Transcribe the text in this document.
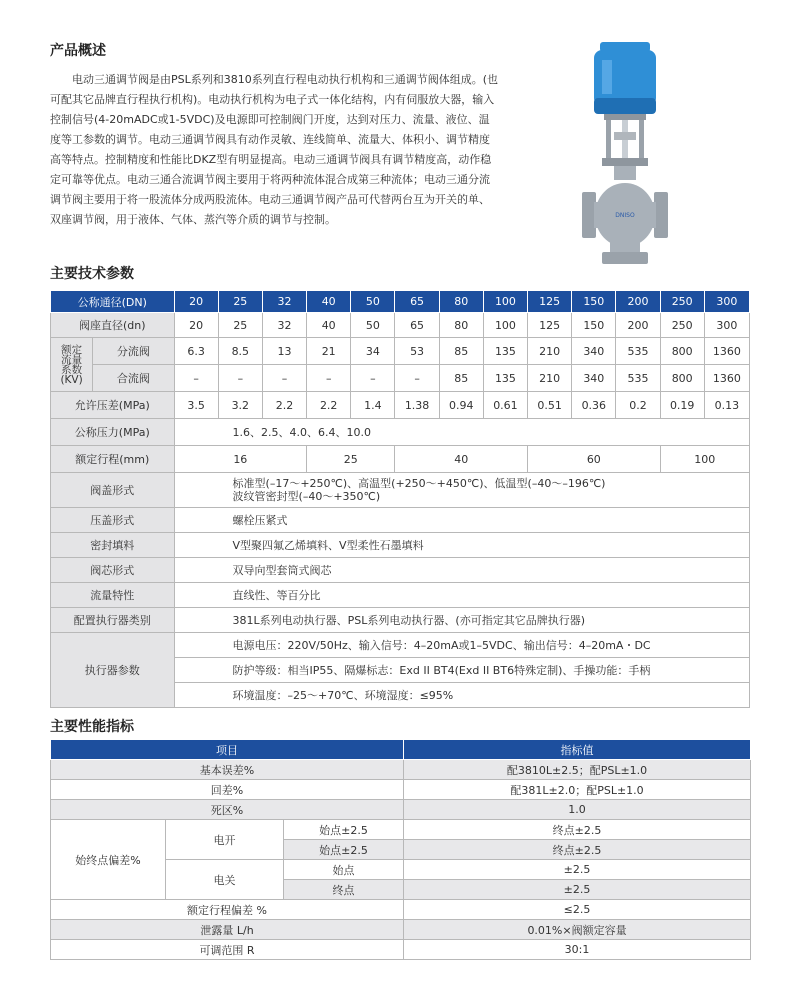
产品概述

电动三通调节阀是由PSL系列和3810系列直行程电动执行机构和三通调节阀体组成。(也可配其它品牌直行程执行机构)。电动执行机构为电子式一体化结构，内有伺服放大器，输入控制信号(4-20mADC或1-5VDC)及电源即可控制阀门开度，达到对压力、流量、液位、温度等工参数的调节。电动三通调节阀具有动作灵敏、连线简单、流量大、体积小、调节精度高等特点。控制精度和性能比DKZ型有明显提高。电动三通调节阀具有调节精度高，动作稳定可靠等优点。电动三通合流调节阀主要用于将两种流体混合成第三种流体；电动三通分流调节阀主要用于将一股流体分成两股流体。电动三通调节阀产品可代替两台互为开关的单、双座调节阀，用于液体、气体、蒸汽等介质的调节与控制。	DNISO
主要技术参数
公称通径(DN)		20	25	32	40	50	65	80	100	125	150	200	250	300
阀座直径(dn)		20	25	32	40	50	65	80	100	125	150	200	250	300
额定
流量
系数
(KV)	分流阀	6.3	8.5	13	21	34	53	85	135	210	340	535	800	1360
	合流阀	–	–	–	–	–	–	85	135	210	340	535	800	1360
允许压差(MPa)		3.5	3.2	2.2	2.2	1.4	1.38	0.94	0.61	0.51	0.36	0.2	0.19	0.13
公称压力(MPa)		1.6、2.5、4.0、6.4、10.0												
额定行程(mm)		16			25		40			60			100	
阀盖形式		标准型(–17～+250℃)、高温型(+250～+450℃)、低温型(–40～–196℃)
波纹管密封型(–40～+350℃)												
压盖形式		螺栓压紧式												
密封填料		V型聚四氟乙烯填料、V型柔性石墨填料												
阀芯形式		双导向型套筒式阀芯												
流量特性		直线性、等百分比												
配置执行器类别		381L系列电动执行器、PSL系列电动执行器、(亦可指定其它品牌执行器)												
执行器参数		电源电压：220V/50Hz、输入信号：4–20mA或1–5VDC、输出信号：4–20mA・DC												
		防护等级：相当IP55、隔爆标志：Exd II BT4(Exd II BT6特殊定制)、手操功能：手柄												
		环境温度：–25～+70℃、环境湿度：≤95%												
主要性能指标
项目			指标值
基本误差%			配3810L±2.5；配PSL±1.0
回差%			配381L±2.0；配PSL±1.0
死区%			1.0
始终点偏差%	电开	始点±2.5	终点±2.5
		始点±2.5	终点±2.5
	电关	始点	±2.5
		终点	±2.5
额定行程偏差 %			≤2.5
泄露量 L/h			0.01%×阀额定容量
可调范围 R			30:1
